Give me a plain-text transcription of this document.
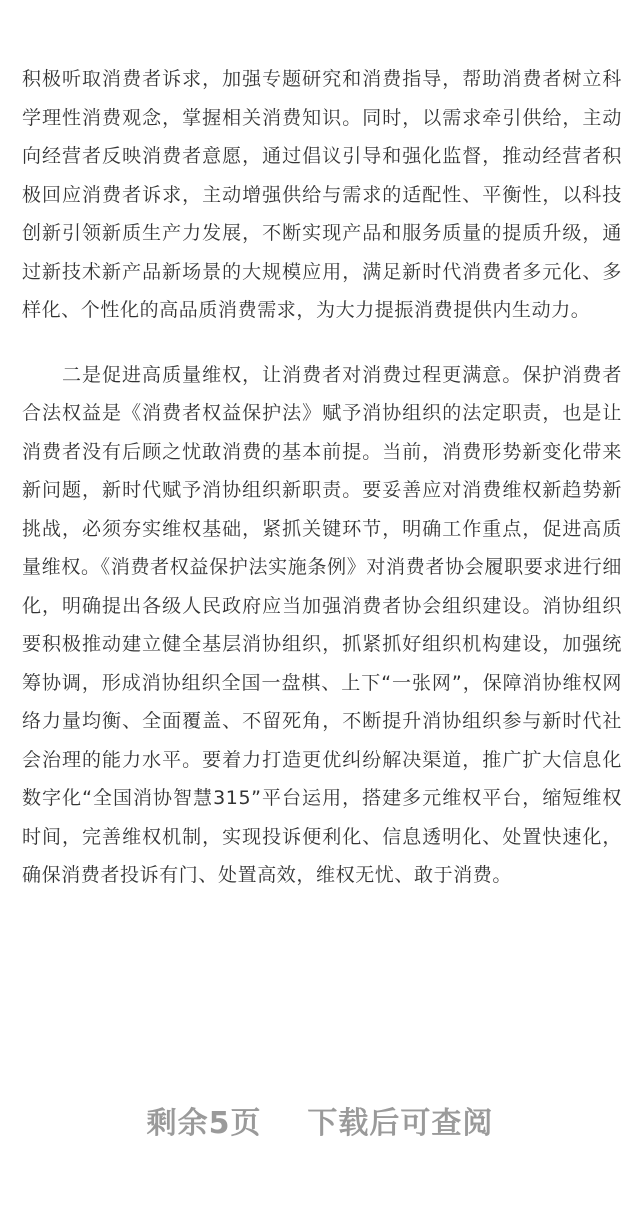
积极听取消费者诉求，加强专题研究和消费指导，帮助消费者树立科学理性消费观念，掌握相关消费知识。同时，以需求牵引供给，主动向经营者反映消费者意愿，通过倡议引导和强化监督，推动经营者积极回应消费者诉求，主动增强供给与需求的适配性、平衡性，以科技创新引领新质生产力发展，不断实现产品和服务质量的提质升级，通过新技术新产品新场景的大规模应用，满足新时代消费者多元化、多样化、个性化的高品质消费需求，为大力提振消费提供内生动力。

二是促进高质量维权，让消费者对消费过程更满意。保护消费者合法权益是《消费者权益保护法》赋予消协组织的法定职责，也是让消费者没有后顾之忧敢消费的基本前提。当前，消费形势新变化带来新问题，新时代赋予消协组织新职责。要妥善应对消费维权新趋势新挑战，必须夯实维权基础，紧抓关键环节，明确工作重点，促进高质量维权。《消费者权益保护法实施条例》对消费者协会履职要求进行细化，明确提出各级人民政府应当加强消费者协会组织建设。消协组织要积极推动建立健全基层消协组织，抓紧抓好组织机构建设，加强统筹协调，形成消协组织全国一盘棋、上下“一张网”，保障消协维权网络力量均衡、全面覆盖、不留死角，不断提升消协组织参与新时代社会治理的能力水平。要着力打造更优纠纷解决渠道，推广扩大信息化数字化“全国消协智慧315”平台运用，搭建多元维权平台，缩短维权时间，完善维权机制，实现投诉便利化、信息透明化、处置快速化，确保消费者投诉有门、处置高效，维权无忧、敢于消费。

剩余5页
下载后可查阅
